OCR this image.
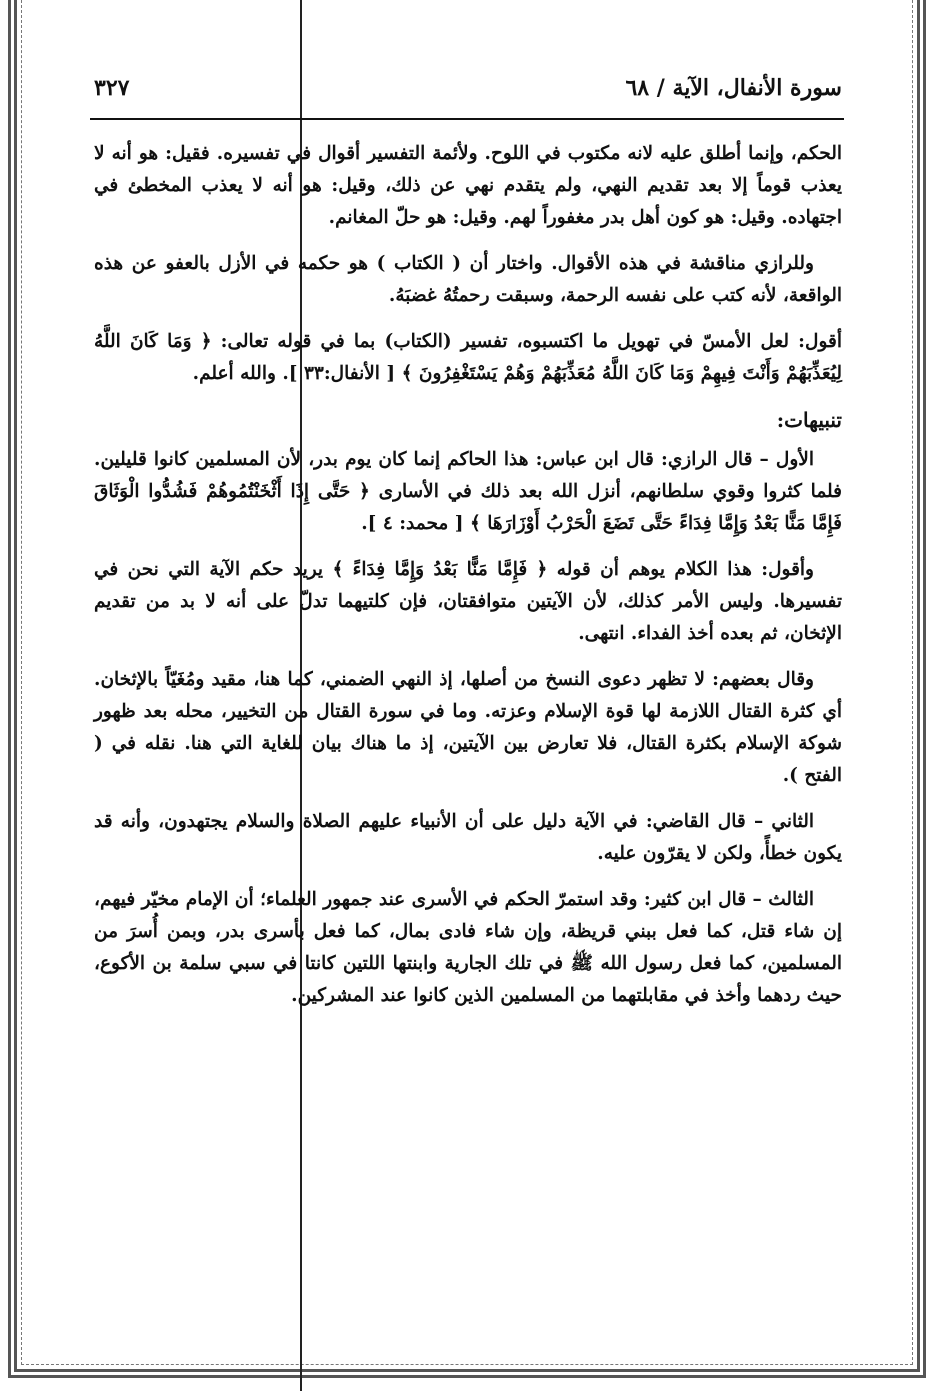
سورة الأنفال، الآية / ٦٨
٣٢٧

الحكم، وإنما أطلق عليه لانه مكتوب في اللوح. ولأئمة التفسير أقوال في تفسيره. فقيل: هو أنه لا يعذب قوماً إلا بعد تقديم النهي، ولم يتقدم نهي عن ذلك، وقيل: هو أنه لا يعذب المخطئ في اجتهاده. وقيل: هو كون أهل بدر مغفوراً لهم. وقيل: هو حلّ المغانم.

وللرازي مناقشة في هذه الأقوال. واختار أن ( الكتاب ) هو حكمه في الأزل بالعفو عن هذه الواقعة، لأنه كتب على نفسه الرحمة، وسبقت رحمتُهُ غضبَهُ.

أقول: لعل الأمسّ في تهويل ما اكتسبوه، تفسير (الكتاب) بما في قوله تعالى: ﴿ وَمَا كَانَ اللَّهُ لِيُعَذِّبَهُمْ وَأَنْتَ فِيهِمْ وَمَا كَانَ اللَّهُ مُعَذِّبَهُمْ وَهُمْ يَسْتَغْفِرُونَ ﴾ [ الأنفال:٣٣ ]. والله أعلم.

تنبيهات:

الأول – قال الرازي: قال ابن عباس: هذا الحاكم إنما كان يوم بدر، لأن المسلمين كانوا قليلين. فلما كثروا وقوي سلطانهم، أنزل الله بعد ذلك في الأسارى ﴿ حَتَّى إِذَا أَثْخَنْتُمُوهُمْ فَشُدُّوا الْوَثَاقَ فَإِمَّا مَنًّا بَعْدُ وَإِمَّا فِدَاءً حَتَّى تَضَعَ الْحَرْبُ أَوْزَارَهَا ﴾ [ محمد: ٤ ].

وأقول: هذا الكلام يوهم أن قوله ﴿ فَإِمَّا مَنًّا بَعْدُ وَإِمَّا فِدَاءً ﴾ يريد حكم الآية التي نحن في تفسيرها. وليس الأمر كذلك، لأن الآيتين متوافقتان، فإن كلتيهما تدلّ على أنه لا بد من تقديم الإثخان، ثم بعده أخذ الفداء. انتهى.

وقال بعضهم: لا تظهر دعوى النسخ من أصلها، إذ النهي الضمني، كما هنا، مقيد ومُغَيّاً بالإثخان. أي كثرة القتال اللازمة لها قوة الإسلام وعزته. وما في سورة القتال من التخيير، محله بعد ظهور شوكة الإسلام بكثرة القتال، فلا تعارض بين الآيتين، إذ ما هناك بيان للغاية التي هنا. نقله في ( الفتح ).

الثاني – قال القاضي: في الآية دليل على أن الأنبياء عليهم الصلاة والسلام يجتهدون، وأنه قد يكون خطأً، ولكن لا يقرّون عليه.

الثالث – قال ابن كثير: وقد استمرّ الحكم في الأسرى عند جمهور العلماء؛ أن الإمام مخيّر فيهم، إن شاء قتل، كما فعل ببني قريظة، وإن شاء فادى بمال، كما فعل بأسرى بدر، وبمن أُسرَ من المسلمين، كما فعل رسول الله ﷺ في تلك الجارية وابنتها اللتين كانتا في سبي سلمة بن الأكوع، حيث ردهما وأخذ في مقابلتهما من المسلمين الذين كانوا عند المشركين.
